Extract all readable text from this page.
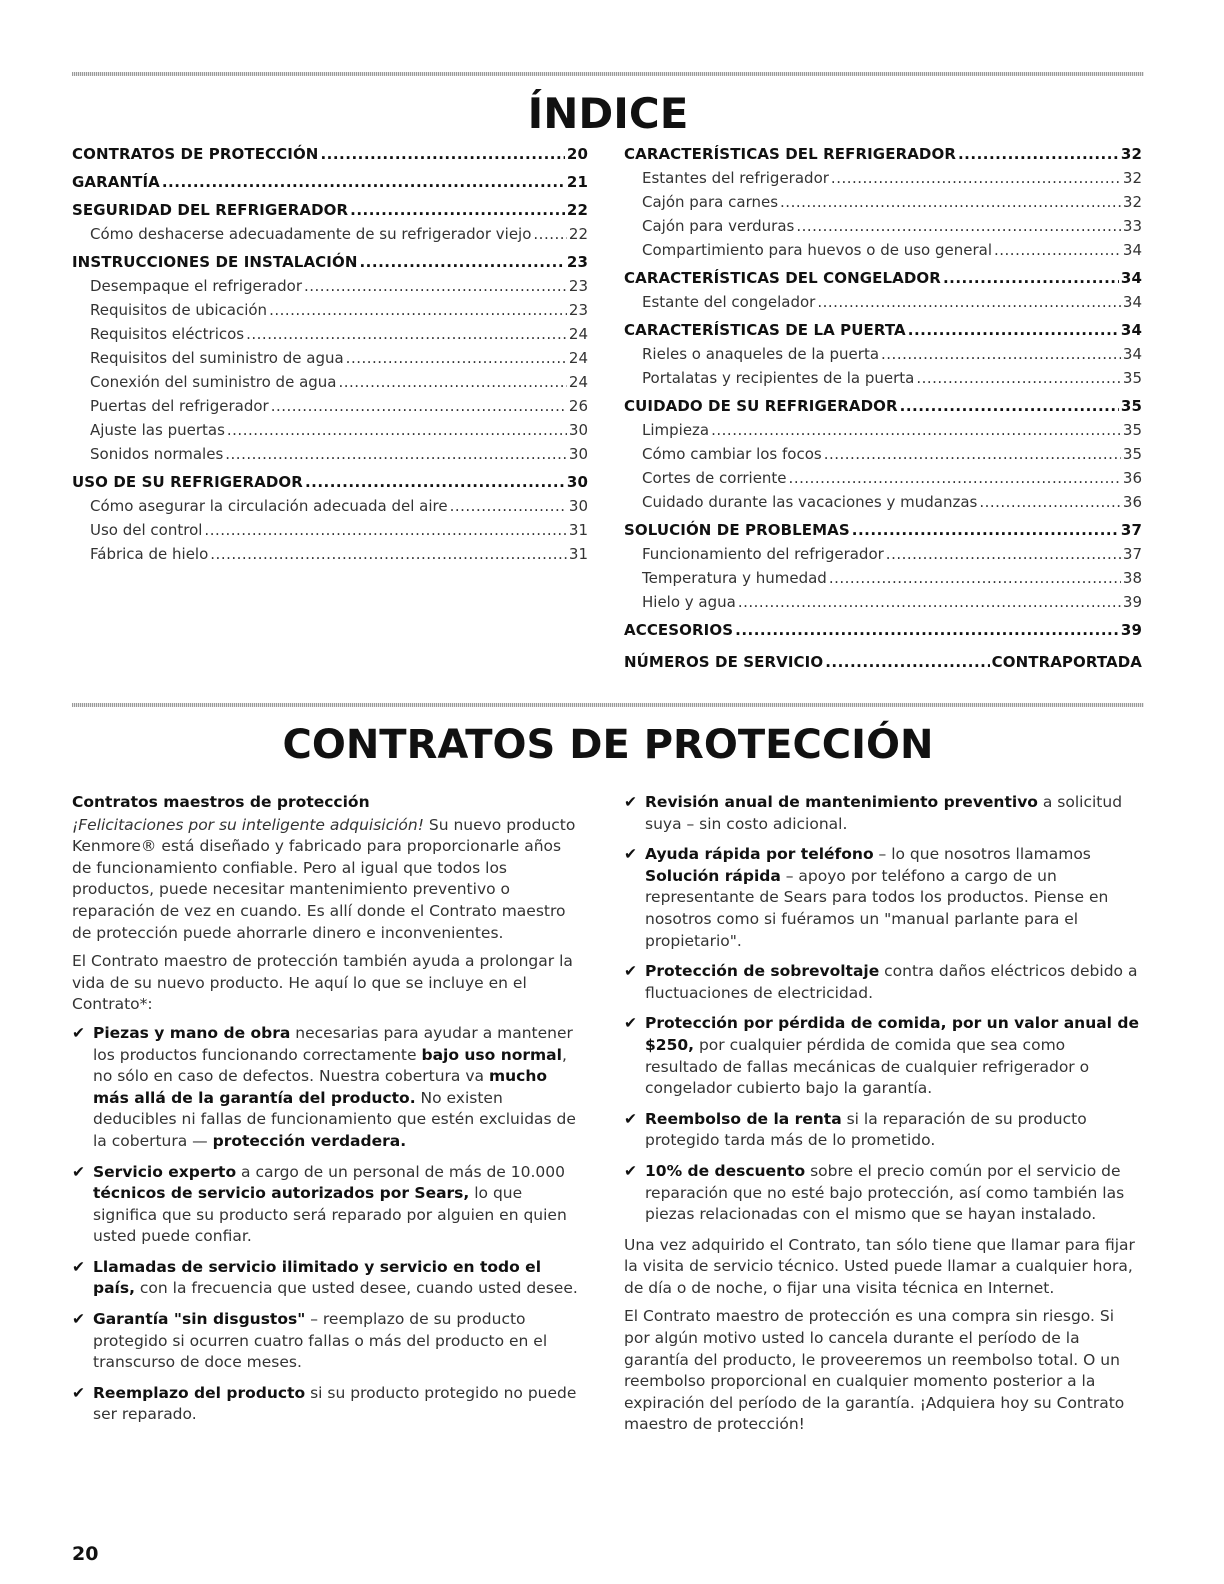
ÍNDICE
CONTRATOS DE PROTECCIÓN .....	20
GARANTÍA .....	21
SEGURIDAD DEL REFRIGERADOR .....	22
Cómo deshacerse adecuadamente de su refrigerador viejo .....	22
INSTRUCCIONES DE INSTALACIÓN .....	23
Desempaque el refrigerador .....	23
Requisitos de ubicación .....	23
Requisitos eléctricos .....	24
Requisitos del suministro de agua .....	24
Conexión del suministro de agua .....	24
Puertas del refrigerador .....	26
Ajuste las puertas .....	30
Sonidos normales .....	30
USO DE SU REFRIGERADOR .....	30
Cómo asegurar la circulación adecuada del aire .....	30
Uso del control .....	31
Fábrica de hielo .....	31
CARACTERÍSTICAS DEL REFRIGERADOR .....	32
Estantes del refrigerador .....	32
Cajón para carnes .....	32
Cajón para verduras .....	33
Compartimiento para huevos o de uso general .....	34
CARACTERÍSTICAS DEL CONGELADOR .....	34
Estante del congelador .....	34
CARACTERÍSTICAS DE LA PUERTA .....	34
Rieles o anaqueles de la puerta .....	34
Portalatas y recipientes de la puerta .....	35
CUIDADO DE SU REFRIGERADOR .....	35
Limpieza .....	35
Cómo cambiar los focos .....	35
Cortes de corriente .....	36
Cuidado durante las vacaciones y mudanzas .....	36
SOLUCIÓN DE PROBLEMAS .....	37
Funcionamiento del refrigerador .....	37
Temperatura y humedad .....	38
Hielo y agua .....	39
ACCESORIOS .....	39
NÚMEROS DE SERVICIO .....	CONTRAPORTADA
CONTRATOS DE PROTECCIÓN

Contratos maestros de protección

¡Felicitaciones por su inteligente adquisición! Su nuevo producto Kenmore® está diseñado y fabricado para proporcionarle años de funcionamiento confiable. Pero al igual que todos los productos, puede necesitar mantenimiento preventivo o reparación de vez en cuando. Es allí donde el Contrato maestro de protección puede ahorrarle dinero e inconvenientes.

El Contrato maestro de protección también ayuda a prolongar la vida de su nuevo producto. He aquí lo que se incluye en el Contrato*:

✔ Piezas y mano de obra necesarias para ayudar a mantener los productos funcionando correctamente bajo uso normal, no sólo en caso de defectos. Nuestra cobertura va mucho más allá de la garantía del producto. No existen deducibles ni fallas de funcionamiento que estén excluidas de la cobertura — protección verdadera.
✔ Servicio experto a cargo de un personal de más de 10.000 técnicos de servicio autorizados por Sears, lo que significa que su producto será reparado por alguien en quien usted puede confiar.
✔ Llamadas de servicio ilimitado y servicio en todo el país, con la frecuencia que usted desee, cuando usted desee.
✔ Garantía "sin disgustos" – reemplazo de su producto protegido si ocurren cuatro fallas o más del producto en el transcurso de doce meses.
✔ Reemplazo del producto si su producto protegido no puede ser reparado.
✔ Revisión anual de mantenimiento preventivo a solicitud suya – sin costo adicional.
✔ Ayuda rápida por teléfono – lo que nosotros llamamos Solución rápida – apoyo por teléfono a cargo de un representante de Sears para todos los productos. Piense en nosotros como si fuéramos un "manual parlante para el propietario".
✔ Protección de sobrevoltaje contra daños eléctricos debido a fluctuaciones de electricidad.
✔ Protección por pérdida de comida, por un valor anual de $250, por cualquier pérdida de comida que sea como resultado de fallas mecánicas de cualquier refrigerador o congelador cubierto bajo la garantía.
✔ Reembolso de la renta si la reparación de su producto protegido tarda más de lo prometido.
✔ 10% de descuento sobre el precio común por el servicio de reparación que no esté bajo protección, así como también las piezas relacionadas con el mismo que se hayan instalado.

Una vez adquirido el Contrato, tan sólo tiene que llamar para fijar la visita de servicio técnico. Usted puede llamar a cualquier hora, de día o de noche, o fijar una visita técnica en Internet.

El Contrato maestro de protección es una compra sin riesgo. Si por algún motivo usted lo cancela durante el período de la garantía del producto, le proveeremos un reembolso total. O un reembolso proporcional en cualquier momento posterior a la expiración del período de la garantía. ¡Adquiera hoy su Contrato maestro de protección!

20
